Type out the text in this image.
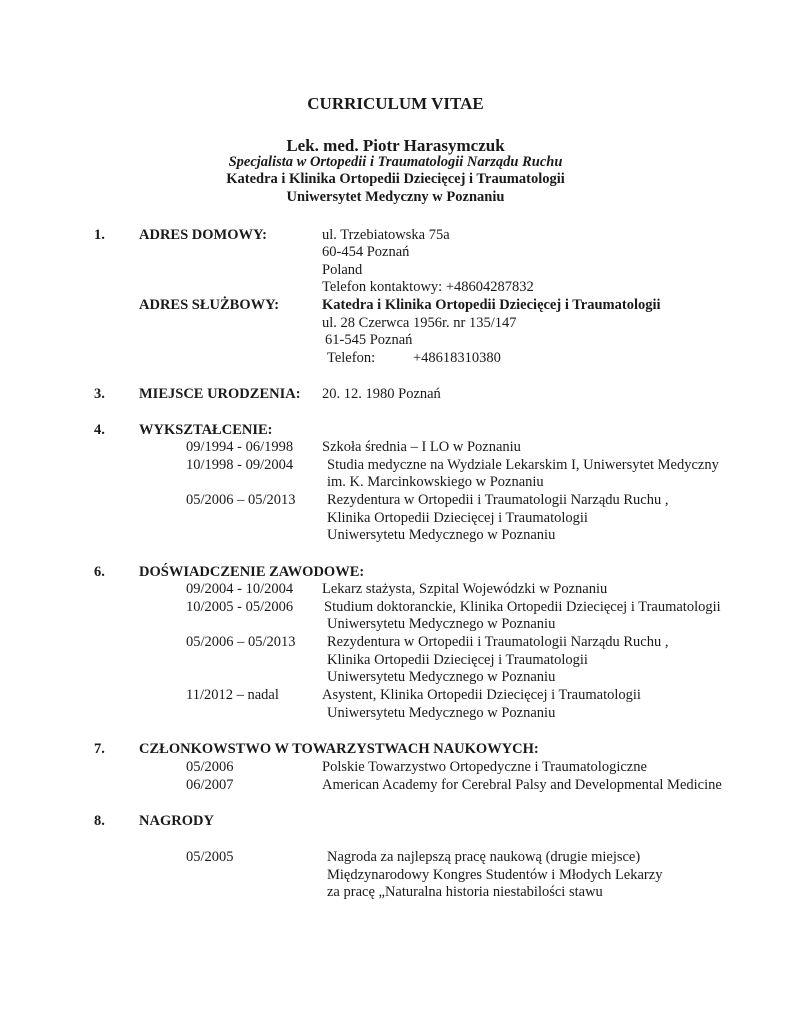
CURRICULUM VITAE
Lek. med. Piotr Harasymczuk
Specjalista w Ortopedii i Traumatologii Narządu Ruchu
Katedra i Klinika Ortopedii Dziecięcej i Traumatologii
Uniwersytet Medyczny w Poznaniu
1. ADRES DOMOWY:	ul. Trzebiatowska 75a
60-454 Poznań
Poland
Telefon kontaktowy: +48604287832
ADRES SŁUŻBOWY:	Katedra i Klinika Ortopedii Dziecięcej i Traumatologii
ul. 28 Czerwca 1956r. nr 135/147
61-545 Poznań
Telefon:	+48618310380
3. MIEJSCE URODZENIA: 20. 12. 1980 Poznań
4. WYKSZTAŁCENIE:
09/1994 - 06/1998 Szkoła średnia – I LO w Poznaniu
10/1998 - 09/2004 Studia medyczne na Wydziale Lekarskim I, Uniwersytet Medyczny
im. K. Marcinkowskiego w Poznaniu
05/2006 – 05/2013 Rezydentura w Ortopedii i Traumatologii Narządu Ruchu ,
Klinika Ortopedii Dziecięcej i Traumatologii
Uniwersytetu Medycznego w Poznaniu
6. DOŚWIADCZENIE ZAWODOWE:
09/2004 - 10/2004 Lekarz stażysta, Szpital Wojewódzki w Poznaniu
10/2005 - 05/2006 Studium doktoranckie, Klinika Ortopedii Dziecięcej i Traumatologii
Uniwersytetu Medycznego w Poznaniu
05/2006 – 05/2013 Rezydentura w Ortopedii i Traumatologii Narządu Ruchu ,
Klinika Ortopedii Dziecięcej i Traumatologii
Uniwersytetu Medycznego w Poznaniu
11/2012 – nadal	Asystent, Klinika Ortopedii Dziecięcej i Traumatologii
Uniwersytetu Medycznego w Poznaniu
7. CZŁONKOWSTWO W TOWARZYSTWACH NAUKOWYCH:
05/2006	Polskie Towarzystwo Ortopedyczne i Traumatologiczne
06/2007	American Academy for Cerebral Palsy and Developmental Medicine
8. NAGRODY
05/2005	Nagroda za najlepszą pracę naukową (drugie miejsce)
Międzynarodowy Kongres Studentów i Młodych Lekarzy
za pracę „Naturalna historia niestabilości stawu
